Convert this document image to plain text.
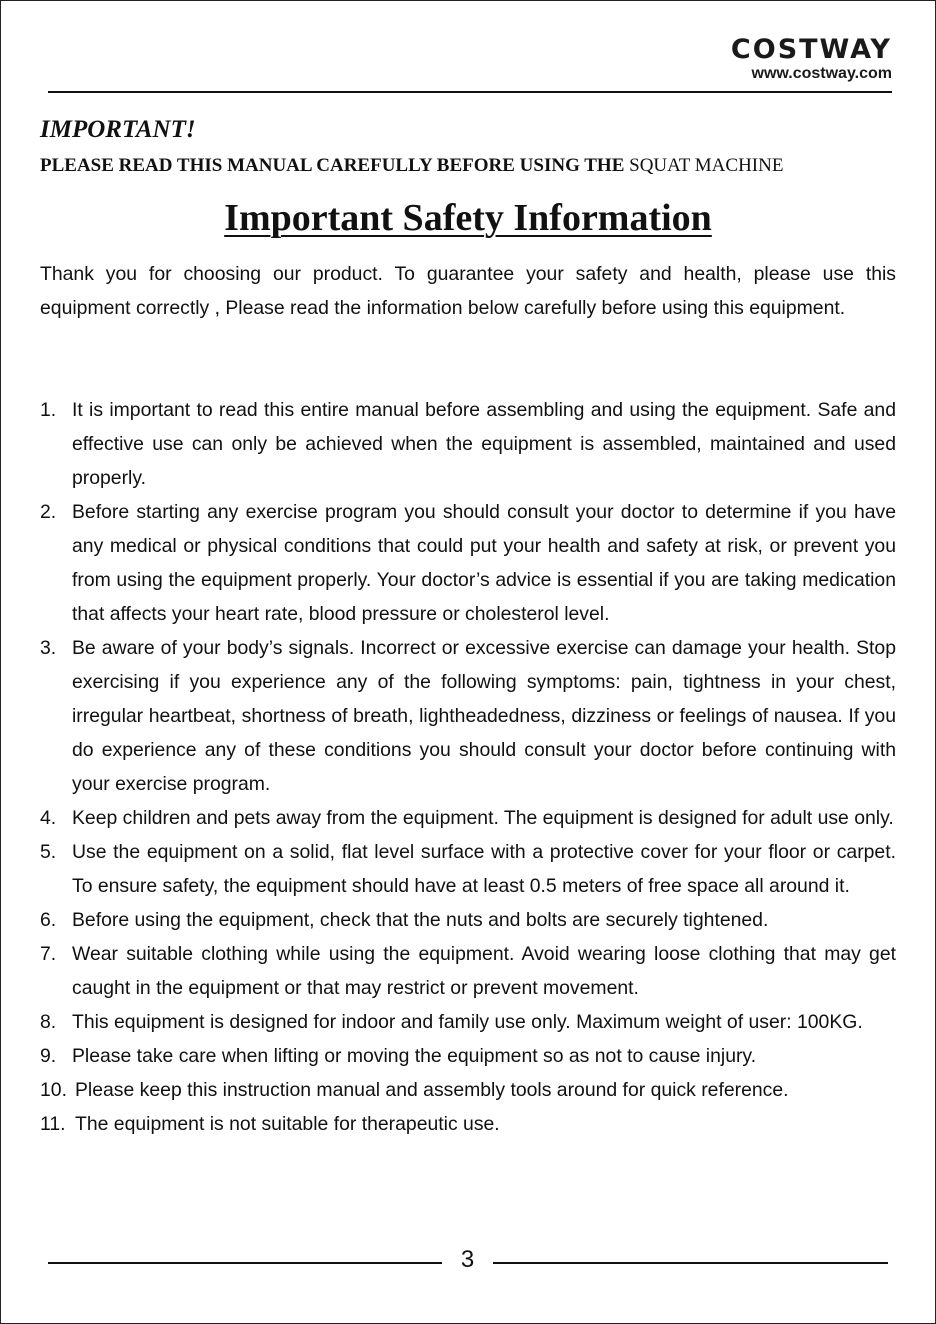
COSTWAY
www.costway.com
IMPORTANT!
PLEASE READ THIS MANUAL CAREFULLY BEFORE USING THE SQUAT MACHINE
Important Safety Information
Thank you for choosing our product. To guarantee your safety and health, please use this equipment correctly , Please read the information below carefully before using this equipment.
1. It is important to read this entire manual before assembling and using the equipment. Safe and effective use can only be achieved when the equipment is assembled, maintained and used properly.
2. Before starting any exercise program you should consult your doctor to determine if you have any medical or physical conditions that could put your health and safety at risk, or prevent you from using the equipment properly. Your doctor’s advice is essential if you are taking medication that affects your heart rate, blood pressure or cholesterol level.
3. Be aware of your body’s signals. Incorrect or excessive exercise can damage your health. Stop exercising if you experience any of the following symptoms: pain, tightness in your chest, irregular heartbeat, shortness of breath, lightheadedness, dizziness or feelings of nausea. If you do experience any of these conditions you should consult your doctor before continuing with your exercise program.
4. Keep children and pets away from the equipment. The equipment is designed for adult use only.
5. Use the equipment on a solid, flat level surface with a protective cover for your floor or carpet. To ensure safety, the equipment should have at least 0.5 meters of free space all around it.
6. Before using the equipment, check that the nuts and bolts are securely tightened.
7. Wear suitable clothing while using the equipment. Avoid wearing loose clothing that may get caught in the equipment or that may restrict or prevent movement.
8. This equipment is designed for indoor and family use only. Maximum weight of user: 100KG.
9. Please take care when lifting or moving the equipment so as not to cause injury.
10. Please keep this instruction manual and assembly tools around for quick reference.
11. The equipment is not suitable for therapeutic use.
3
